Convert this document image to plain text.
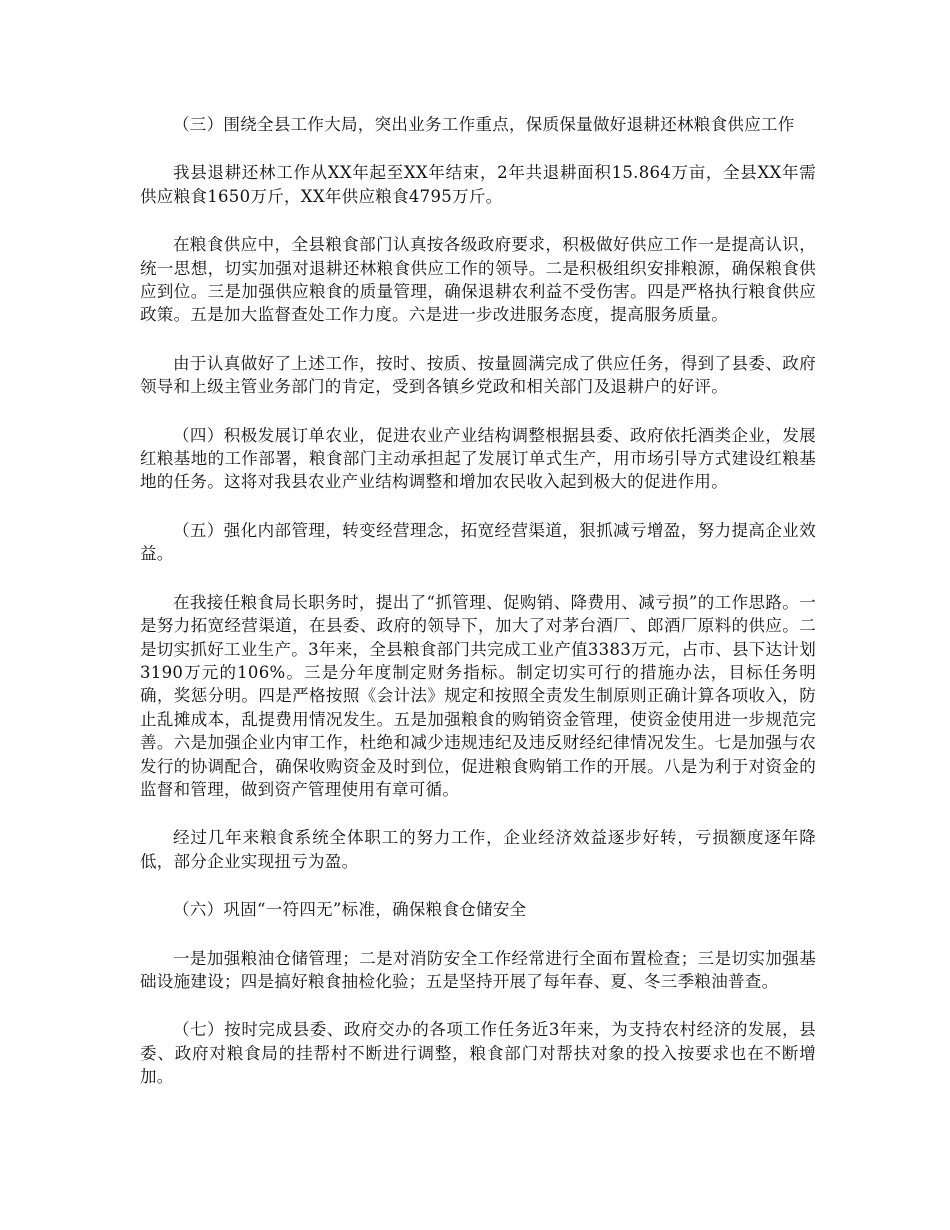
（三）围绕全县工作大局，突出业务工作重点，保质保量做好退耕还林粮食供应工作

我县退耕还林工作从XX年起至XX年结束，2年共退耕面积15.864万亩，全县XX年需供应粮食1650万斤，XX年供应粮食4795万斤。

在粮食供应中，全县粮食部门认真按各级政府要求，积极做好供应工作一是提高认识，统一思想，切实加强对退耕还林粮食供应工作的领导。二是积极组织安排粮源，确保粮食供应到位。三是加强供应粮食的质量管理，确保退耕农利益不受伤害。四是严格执行粮食供应政策。五是加大监督查处工作力度。六是进一步改进服务态度，提高服务质量。

由于认真做好了上述工作，按时、按质、按量圆满完成了供应任务，得到了县委、政府领导和上级主管业务部门的肯定，受到各镇乡党政和相关部门及退耕户的好评。

（四）积极发展订单农业，促进农业产业结构调整根据县委、政府依托酒类企业，发展红粮基地的工作部署，粮食部门主动承担起了发展订单式生产，用市场引导方式建设红粮基地的任务。这将对我县农业产业结构调整和增加农民收入起到极大的促进作用。

（五）强化内部管理，转变经营理念，拓宽经营渠道，狠抓减亏增盈，努力提高企业效益。

在我接任粮食局长职务时，提出了“抓管理、促购销、降费用、减亏损”的工作思路。一是努力拓宽经营渠道，在县委、政府的领导下，加大了对茅台酒厂、郎酒厂原料的供应。二是切实抓好工业生产。3年来，全县粮食部门共完成工业产值3383万元，占市、县下达计划3190万元的106%。三是分年度制定财务指标。制定切实可行的措施办法，目标任务明确，奖惩分明。四是严格按照《会计法》规定和按照全责发生制原则正确计算各项收入，防止乱摊成本，乱提费用情况发生。五是加强粮食的购销资金管理，使资金使用进一步规范完善。六是加强企业内审工作，杜绝和减少违规违纪及违反财经纪律情况发生。七是加强与农发行的协调配合，确保收购资金及时到位，促进粮食购销工作的开展。八是为利于对资金的监督和管理，做到资产管理使用有章可循。

经过几年来粮食系统全体职工的努力工作，企业经济效益逐步好转，亏损额度逐年降低，部分企业实现扭亏为盈。

（六）巩固“一符四无”标准，确保粮食仓储安全

一是加强粮油仓储管理；二是对消防安全工作经常进行全面布置检查；三是切实加强基础设施建设；四是搞好粮食抽检化验；五是坚持开展了每年春、夏、冬三季粮油普查。

（七）按时完成县委、政府交办的各项工作任务近3年来，为支持农村经济的发展，县委、政府对粮食局的挂帮村不断进行调整，粮食部门对帮扶对象的投入按要求也在不断增加。
